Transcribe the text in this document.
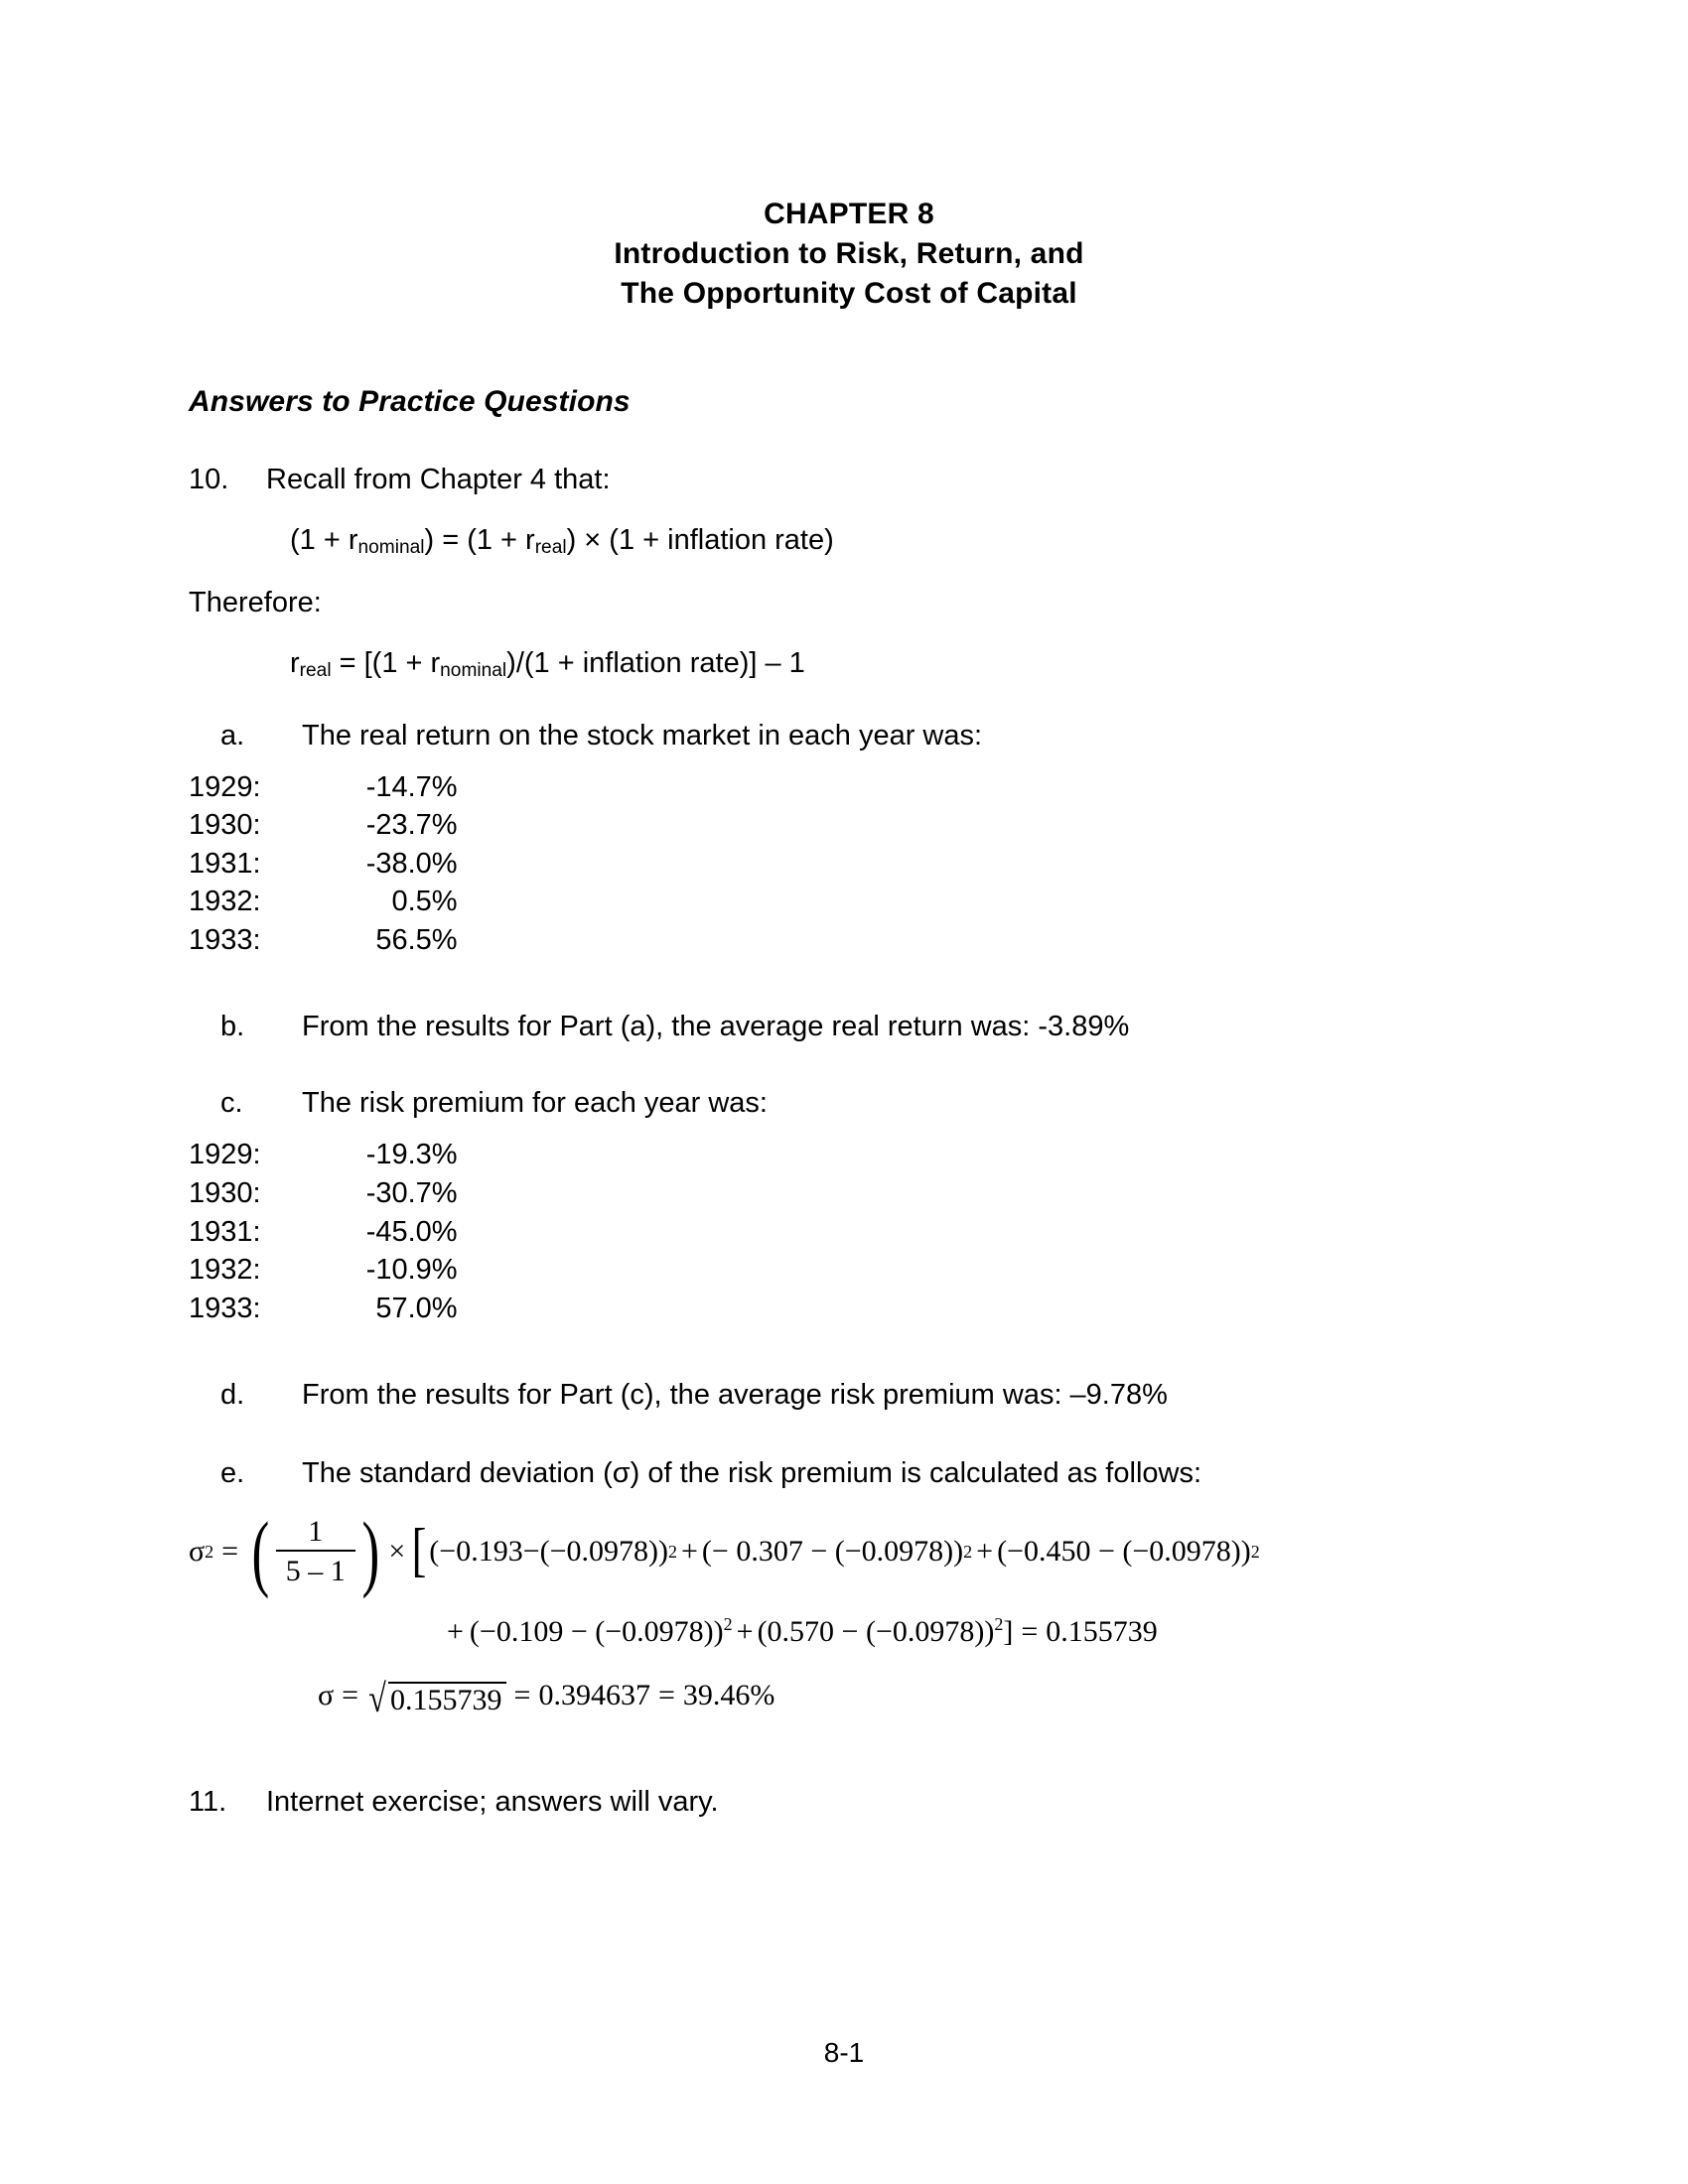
CHAPTER 8
Introduction to Risk, Return, and
The Opportunity Cost of Capital
Answers to Practice Questions
10.	Recall from Chapter 4 that:
$(1 + r_{nominal}) = (1 + r_{real}) \times (1$ + inflation rate)
Therefore:
$r_{real} = [(1 + r_{nominal})/(1$ + inflation rate)] – 1
a.	The real return on the stock market in each year was:
1929:	-14.7%
1930:	-23.7%
1931:	-38.0%
1932:	0.5%
1933:	56.5%
b.	From the results for Part (a), the average real return was: -3.89%
c.	The risk premium for each year was:
1929:	-19.3%
1930:	-30.7%
1931:	-45.0%
1932:	-10.9%
1933:	57.0%
d.	From the results for Part (c), the average risk premium was: –9.78%
e.	The standard deviation (σ) of the risk premium is calculated as follows:
σ 2 = ( $\frac{1}{5 - 1}$ ) × [ (−0.193−(−0.0978)) 2 + (− 0.307 − (−0.0978)) 2 + (−0.450 − (−0.0978)) 2
+ $(-0.109 - (-0.0978))^2 + (0.570 - (-0.0978))^2] = 0.155739$
σ = √ 0.155739 = 0.394637 = 39.46%
11.	Internet exercise; answers will vary.
8-1
